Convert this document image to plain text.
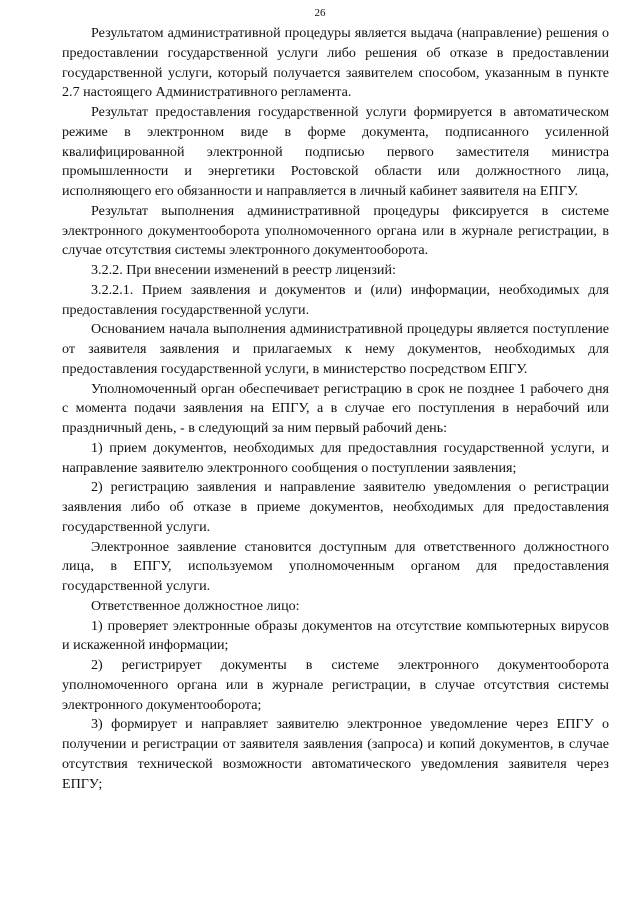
26

Результатом административной процедуры является выдача (направление) решения о предоставлении государственной услуги либо решения об отказе в предоставлении государственной услуги, который получается заявителем способом, указанным в пункте 2.7 настоящего Административного регламента.

Результат предоставления государственной услуги формируется в автоматическом режиме в электронном виде в форме документа, подписанного усиленной квалифицированной электронной подписью первого заместителя министра промышленности и энергетики Ростовской области или должностного лица, исполняющего его обязанности и направляется в личный кабинет заявителя на ЕПГУ.

Результат выполнения административной процедуры фиксируется в системе электронного документооборота уполномоченного органа или в журнале регистрации, в случае отсутствия системы электронного документооборота.

3.2.2. При внесении изменений в реестр лицензий:

3.2.2.1. Прием заявления и документов и (или) информации, необходимых для предоставления государственной услуги.

Основанием начала выполнения административной процедуры является поступление от заявителя заявления и прилагаемых к нему документов, необходимых для предоставления государственной услуги, в министерство посредством ЕПГУ.

Уполномоченный орган обеспечивает регистрацию в срок не позднее 1 рабочего дня с момента подачи заявления на ЕПГУ, а в случае его поступления в нерабочий или праздничный день, - в следующий за ним первый рабочий день:

1) прием документов, необходимых для предоставлния государственной услуги, и направление заявителю электронного сообщения о поступлении заявления;

2) регистрацию заявления и направление заявителю уведомления о регистрации заявления либо об отказе в приеме документов, необходимых для предоставления государственной услуги.

Электронное заявление становится доступным для ответственного должностного лица, в ЕПГУ, используемом уполномоченным органом для предоставления государственной услуги.

Ответственное должностное лицо:

1) проверяет электронные образы документов на отсутствие компьютерных вирусов и искаженной информации;

2) регистрирует документы в системе электронного документооборота уполномоченного органа или в журнале регистрации, в случае отсутствия системы электронного документооборота;

3) формирует и направляет заявителю электронное уведомление через ЕПГУ о получении и регистрации от заявителя заявления (запроса) и копий документов, в случае отсутствия технической возможности автоматического уведомления заявителя через ЕПГУ;
